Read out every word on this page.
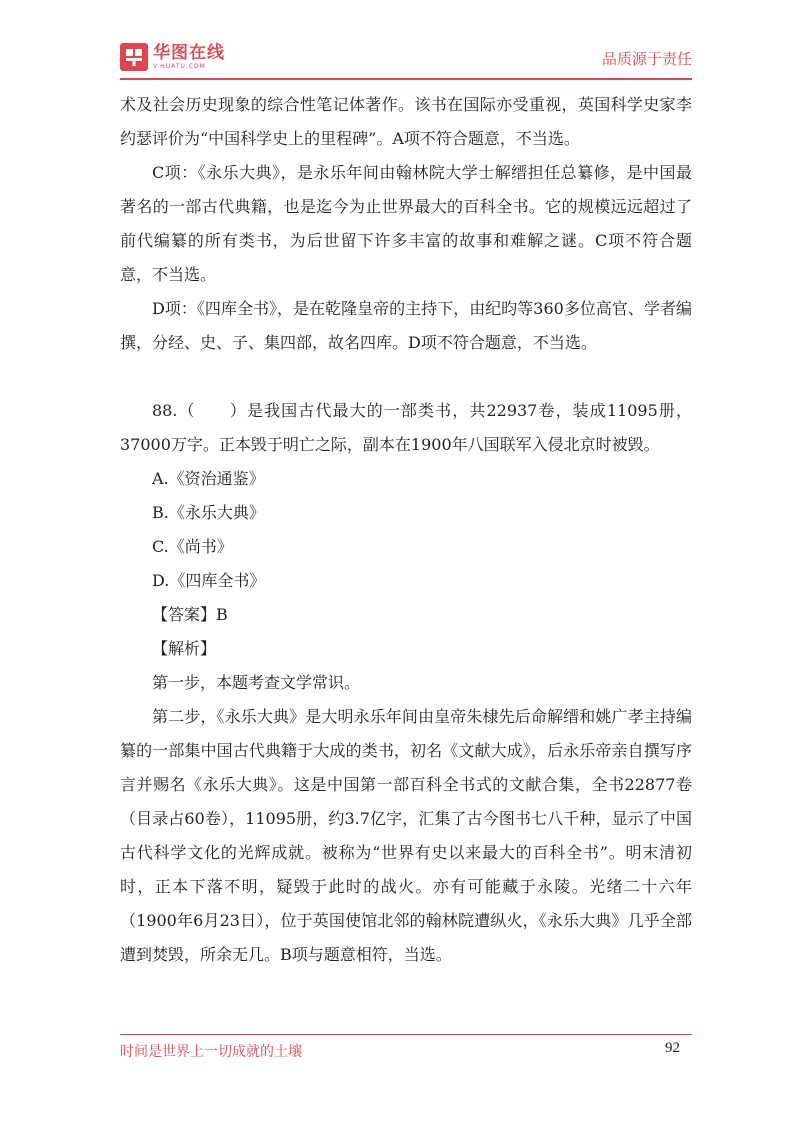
华图在线
V.HUATU.COM	品质源于责任

术及社会历史现象的综合性笔记体著作。该书在国际亦受重视，英国科学史家李约瑟评价为“中国科学史上的里程碑”。A项不符合题意，不当选。

C项：《永乐大典》，是永乐年间由翰林院大学士解缙担任总纂修，是中国最著名的一部古代典籍，也是迄今为止世界最大的百科全书。它的规模远远超过了前代编纂的所有类书，为后世留下许多丰富的故事和难解之谜。C项不符合题意，不当选。

D项：《四库全书》，是在乾隆皇帝的主持下，由纪昀等360多位高官、学者编撰，分经、史、子、集四部，故名四库。D项不符合题意，不当选。

88.（　　）是我国古代最大的一部类书，共22937卷，装成11095册，37000万字。正本毁于明亡之际，副本在1900年八国联军入侵北京时被毁。

A.《资治通鉴》

B.《永乐大典》

C.《尚书》

D.《四库全书》

【答案】B

【解析】

第一步，本题考查文学常识。

第二步，《永乐大典》是大明永乐年间由皇帝朱棣先后命解缙和姚广孝主持编纂的一部集中国古代典籍于大成的类书，初名《文献大成》，后永乐帝亲自撰写序言并赐名《永乐大典》。这是中国第一部百科全书式的文献合集，全书22877卷（目录占60卷），11095册，约3.7亿字，汇集了古今图书七八千种，显示了中国古代科学文化的光辉成就。被称为“世界有史以来最大的百科全书”。明末清初时，正本下落不明，疑毁于此时的战火。亦有可能藏于永陵。光绪二十六年（1900年6月23日），位于英国使馆北邻的翰林院遭纵火，《永乐大典》几乎全部遭到焚毁，所余无几。B项与题意相符，当选。

时间是世界上一切成就的土壤	92
